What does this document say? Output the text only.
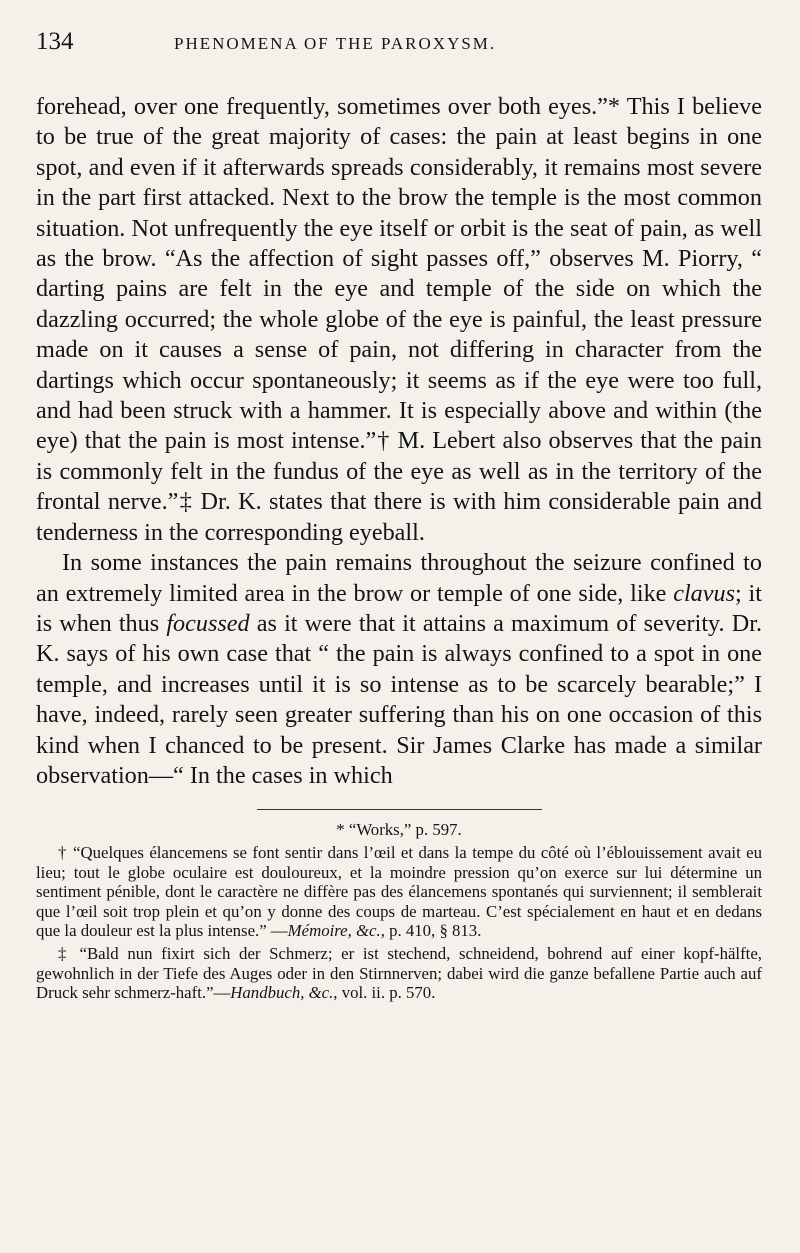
134	PHENOMENA OF THE PAROXYSM.

forehead, over one frequently, sometimes over both eyes.”* This I believe to be true of the great majority of cases: the pain at least begins in one spot, and even if it afterwards spreads considerably, it remains most severe in the part first attacked. Next to the brow the temple is the most common situation. Not unfrequently the eye itself or orbit is the seat of pain, as well as the brow. “As the affection of sight passes off,” observes M. Piorry, “ darting pains are felt in the eye and temple of the side on which the dazzling occurred; the whole globe of the eye is painful, the least pressure made on it causes a sense of pain, not differing in character from the dartings which occur spontaneously; it seems as if the eye were too full, and had been struck with a hammer. It is especially above and within (the eye) that the pain is most intense.”† M. Lebert also observes that the pain is commonly felt in the fundus of the eye as well as in the territory of the frontal nerve.”‡ Dr. K. states that there is with him considerable pain and tenderness in the corresponding eyeball.

In some instances the pain remains throughout the seizure confined to an extremely limited area in the brow or temple of one side, like clavus; it is when thus focussed as it were that it attains a maximum of severity. Dr. K. says of his own case that “ the pain is always confined to a spot in one temple, and increases until it is so intense as to be scarcely bearable;” I have, indeed, rarely seen greater suffering than his on one occasion of this kind when I chanced to be present. Sir James Clarke has made a similar observation—“ In the cases in which

* “Works,” p. 597.

† “Quelques élancemens se font sentir dans l’œil et dans la tempe du côté où l’éblouissement avait eu lieu; tout le globe oculaire est douloureux, et la moindre pression qu’on exerce sur lui détermine un sentiment pénible, dont le caractère ne diffère pas des élancemens spontanés qui surviennent; il semblerait que l’œil soit trop plein et qu’on y donne des coups de marteau. C’est spécialement en haut et en dedans que la douleur est la plus intense.” —Mémoire, &c., p. 410, § 813.

‡ “Bald nun fixirt sich der Schmerz; er ist stechend, schneidend, bohrend auf einer kopf-hälfte, gewohnlich in der Tiefe des Auges oder in den Stirnnerven; dabei wird die ganze befallene Partie auch auf Druck sehr schmerz-haft.”—Handbuch, &c., vol. ii. p. 570.
